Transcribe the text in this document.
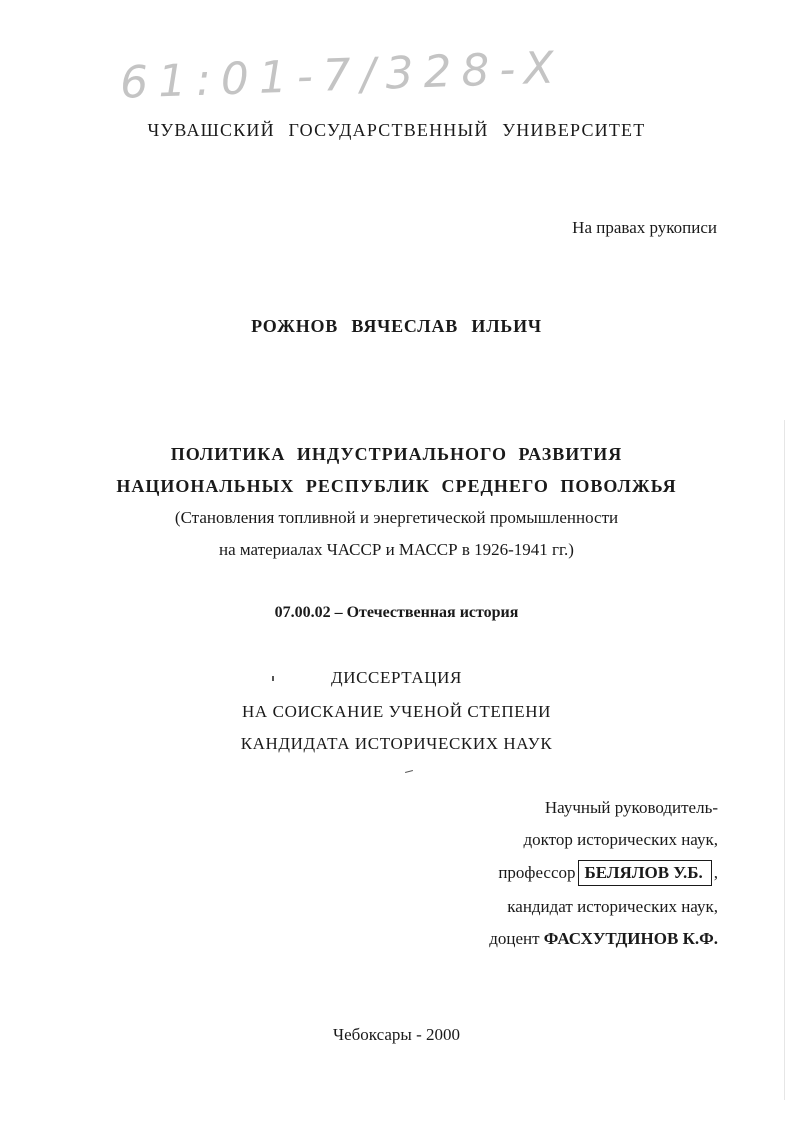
61:01-7/328-X
ЧУВАШСКИЙ ГОСУДАРСТВЕННЫЙ УНИВЕРСИТЕТ
На правах рукописи
РОЖНОВ ВЯЧЕСЛАВ ИЛЬИЧ
ПОЛИТИКА ИНДУСТРИАЛЬНОГО РАЗВИТИЯ
НАЦИОНАЛЬНЫХ РЕСПУБЛИК СРЕДНЕГО ПОВОЛЖЬЯ
(Становления топливной и энергетической промышленности
на материалах ЧАССР и МАССР в 1926-1941 гг.)
07.00.02 – Отечественная история
ДИССЕРТАЦИЯ
НА СОИСКАНИЕ УЧЕНОЙ СТЕПЕНИ
КАНДИДАТА ИСТОРИЧЕСКИХ НАУК
Научный руководитель-
доктор исторических наук,
профессор БЕЛЯЛОВ У.Б. ,
кандидат исторических наук,
доцент ФАСХУТДИНОВ К.Ф.
Чебоксары - 2000
